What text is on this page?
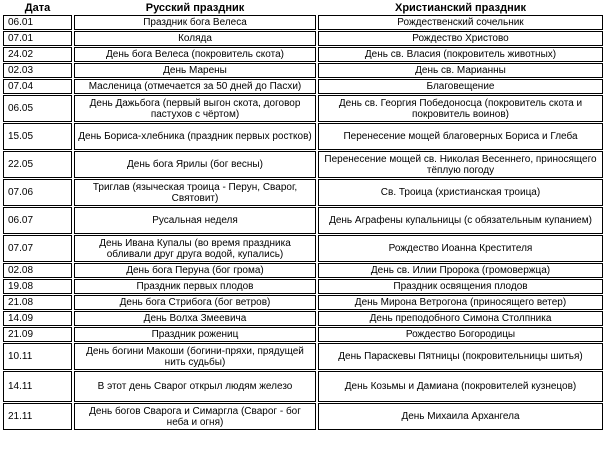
Дата	Русский праздник	Христианский праздник
06.01	Праздник бога Велеса	Рождественский сочельник
07.01	Коляда	Рождество Христово
24.02	День бога Велеса (покровитель скота)	День св. Власия (покровитель животных)
02.03	День Марены	День св. Марианны
07.04	Масленица (отмечается за 50 дней до Пасхи)	Благовещение
06.05	День Дажьбога (первый выгон скота, договор пастухов с чёртом)	День св. Георгия Победоносца (покровитель скота и покровитель воинов)
15.05	День Бориса-хлебника (праздник первых ростков)	Перенесение мощей благоверных Бориса и Глеба
22.05	День бога Ярилы (бог весны)	Перенесение мощей св. Николая Весеннего, приносящего тёплую погоду
07.06	Триглав (языческая троица - Перун, Сварог, Святовит)	Св. Троица (христианская троица)
06.07	Русальная неделя	День Аграфены купальницы (с обязательным купанием)
07.07	День Ивана Купалы (во время праздника обливали друг друга водой, купались)	Рождество Иоанна Крестителя
02.08	День бога Перуна (бог грома)	День св. Илии Пророка (громовержца)
19.08	Праздник первых плодов	Праздник освящения плодов
21.08	День бога Стрибога (бог ветров)	День Мирона Ветрогона (приносящего ветер)
14.09	День Волха Змеевича	День преподобного Симона Столпника
21.09	Праздник рожениц	Рождество Богородицы
10.11	День богини Макоши (богини-пряхи, прядущей нить судьбы)	День Параскевы Пятницы (покровительницы шитья)
14.11	В этот день Сварог открыл людям железо	День Козьмы и Дамиана (покровителей кузнецов)
21.11	День богов Сварога и Симаргла (Сварог - бог неба и огня)	День Михаила Архангела
